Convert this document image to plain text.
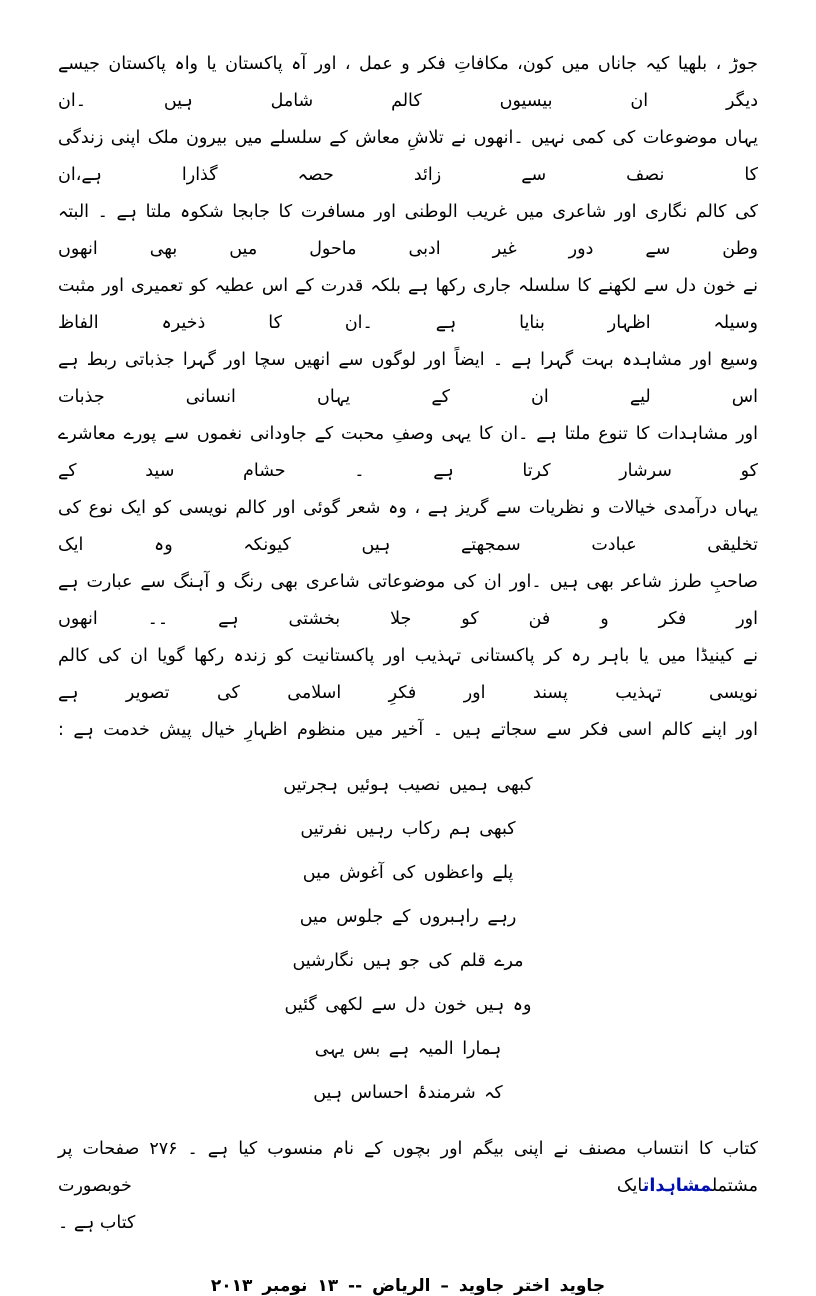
جوڑ ، بلھیا کیہ جاناں میں کون، مکافاتِ فکر و عمل ، اور آہ پاکستان یا واہ پاکستان جیسے دیگر ان بیسیوں کالم شامل ہیں ۔ان

یہاں موضوعات کی کمی نہیں ۔انھوں نے تلاشِ معاش کے سلسلے میں بیرون ملک اپنی زندگی کا نصف سے زائد حصہ گذارا ہے،ان

کی کالم نگاری اور شاعری میں غریب الوطنی اور مسافرت کا جابجا شکوہ ملتا ہے ۔ البتہ وطن سے دور غیر ادبی ماحول میں بھی انھوں

نے خون دل سے لکھنے کا سلسلہ جاری رکھا ہے بلکہ قدرت کے اس عطیہ کو تعمیری اور مثبت وسیلہ اظہار بنایا ہے ۔ان کا ذخیرہ الفاظ

وسیع اور مشاہدہ بہت گہرا ہے ۔ ایضاً اور لوگوں سے انھیں سچا اور گہرا جذباتی ربط ہے اس لیے ان کے یہاں انسانی جذبات

اور مشاہدات کا تنوع ملتا ہے ۔ان کا یہی وصفِ محبت کے جاودانی نغموں سے پورے معاشرے کو سرشار کرتا ہے ۔ حشام سید کے

یہاں درآمدی خیالات و نظریات سے گریز ہے ، وہ شعر گوئی اور کالم نویسی کو ایک نوع کی تخلیقی عبادت سمجھتے ہیں کیونکہ وہ ایک

صاحبِ طرز شاعر بھی ہیں ۔اور ان کی موضوعاتی شاعری بھی رنگ و آہنگ سے عبارت ہے اور فکر و فن کو جلا بخشتی ہے ۔۔ انھوں

نے کینیڈا میں یا باہر رہ کر پاکستانی تہذیب اور پاکستانیت کو زندہ رکھا گویا ان کی کالم نویسی تہذیب پسند اور فکرِ اسلامی کی تصویر ہے

اور اپنے کالم اسی فکر سے سجاتے ہیں ۔ آخیر میں منظوم اظہارِ خیال پیش خدمت ہے :

کبھی ہمیں نصیب ہوئیں ہجرتیں
کبھی ہم رکاب رہیں نفرتیں
پلے واعظوں کی آغوش میں
رہے راہبروں کے جلوس میں
مرے قلم کی جو ہیں نگارشیں
وہ ہیں خون دل سے لکھی گئیں
ہمارا المیہ ہے بس یہی
کہ شرمندۂ احساس ہیں

کتاب کا انتساب مصنف نے اپنی بیگم اور بچوں کے نام منسوب کیا ہے ۔ ۲۷۶ صفحات پر مشتملمشاہداتایک خوبصورت

کتاب ہے ۔

جاوید اختر جاوید – الریاض -- ۱۳ نومبر ۲۰۱۳
